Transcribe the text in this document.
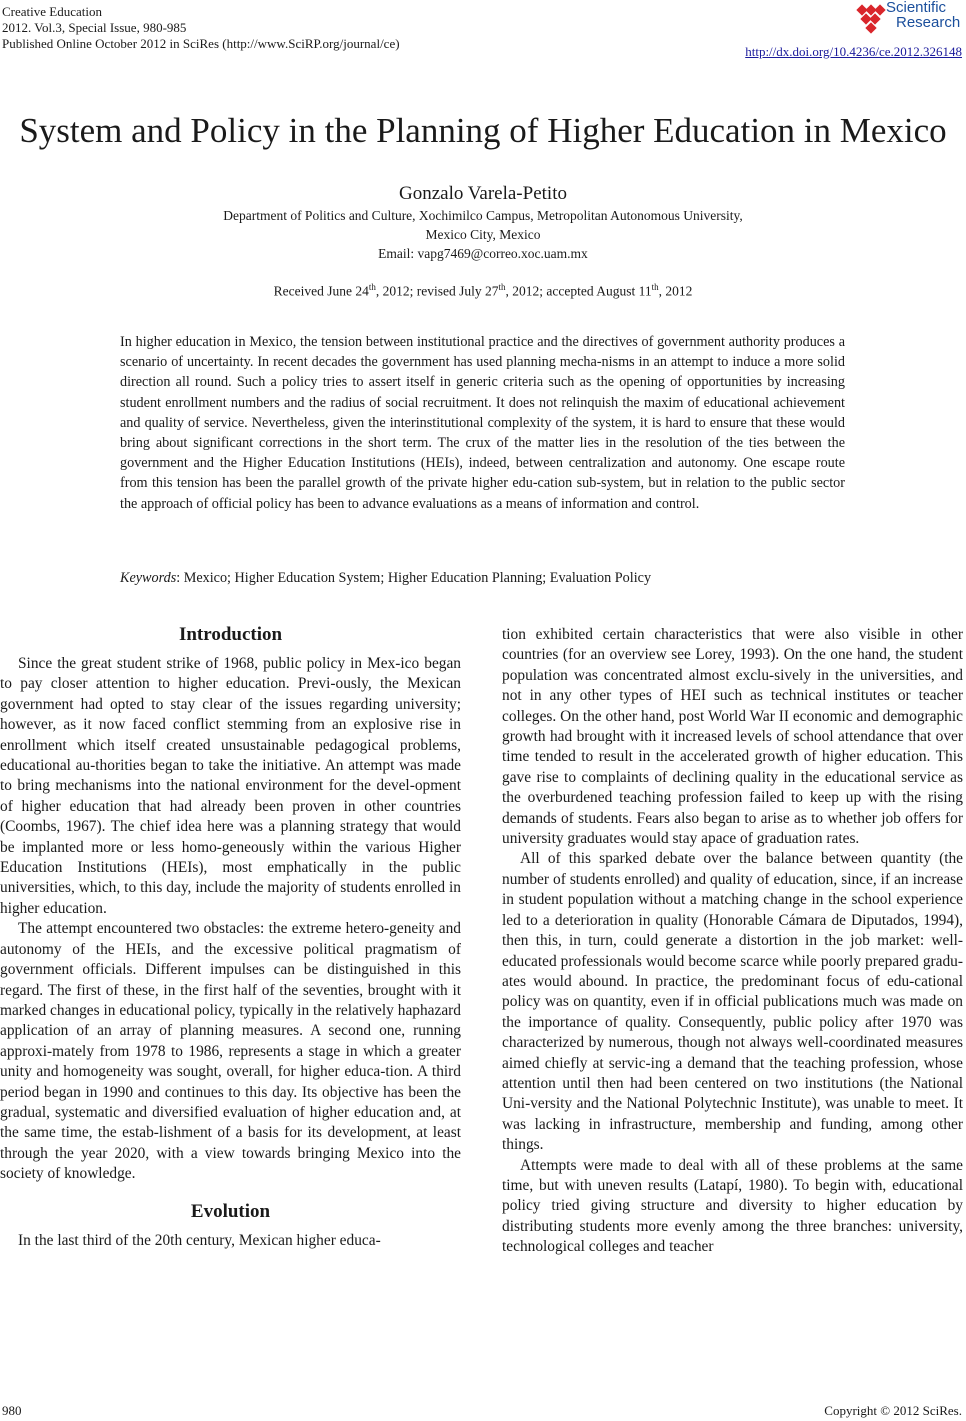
Creative Education
2012. Vol.3, Special Issue, 980-985
Published Online October 2012 in SciRes (http://www.SciRP.org/journal/ce)
Scientific
Research
http://dx.doi.org/10.4236/ce.2012.326148
System and Policy in the Planning of Higher Education in Mexico
Gonzalo Varela-Petito
Department of Politics and Culture, Xochimilco Campus, Metropolitan Autonomous University,
Mexico City, Mexico
Email: vapg7469@correo.xoc.uam.mx
Received June 24th, 2012; revised July 27th, 2012; accepted August 11th, 2012
In higher education in Mexico, the tension between institutional practice and the directives of government authority produces a scenario of uncertainty. In recent decades the government has used planning mecha-nisms in an attempt to induce a more solid direction all round. Such a policy tries to assert itself in generic criteria such as the opening of opportunities by increasing student enrollment numbers and the radius of social recruitment. It does not relinquish the maxim of educational achievement and quality of service. Nevertheless, given the interinstitutional complexity of the system, it is hard to ensure that these would bring about significant corrections in the short term. The crux of the matter lies in the resolution of the ties between the government and the Higher Education Institutions (HEIs), indeed, between centralization and autonomy. One escape route from this tension has been the parallel growth of the private higher edu-cation sub-system, but in relation to the public sector the approach of official policy has been to advance evaluations as a means of information and control.
Keywords: Mexico; Higher Education System; Higher Education Planning; Evaluation Policy
Introduction

Since the great student strike of 1968, public policy in Mex-ico began to pay closer attention to higher education. Previ-ously, the Mexican government had opted to stay clear of the issues regarding university; however, as it now faced conflict stemming from an explosive rise in enrollment which itself created unsustainable pedagogical problems, educational au-thorities began to take the initiative. An attempt was made to bring mechanisms into the national environment for the devel-opment of higher education that had already been proven in other countries (Coombs, 1967). The chief idea here was a planning strategy that would be implanted more or less homo-geneously within the various Higher Education Institutions (HEIs), most emphatically in the public universities, which, to this day, include the majority of students enrolled in higher education.

The attempt encountered two obstacles: the extreme hetero-geneity and autonomy of the HEIs, and the excessive political pragmatism of government officials. Different impulses can be distinguished in this regard. The first of these, in the first half of the seventies, brought with it marked changes in educational policy, typically in the relatively haphazard application of an array of planning measures. A second one, running approxi-mately from 1978 to 1986, represents a stage in which a greater unity and homogeneity was sought, overall, for higher educa-tion. A third period began in 1990 and continues to this day. Its objective has been the gradual, systematic and diversified evaluation of higher education and, at the same time, the estab-lishment of a basis for its development, at least through the year 2020, with a view towards bringing Mexico into the society of knowledge.

Evolution

In the last third of the 20th century, Mexican higher educa-

tion exhibited certain characteristics that were also visible in other countries (for an overview see Lorey, 1993). On the one hand, the student population was concentrated almost exclu-sively in the universities, and not in any other types of HEI such as technical institutes or teacher colleges. On the other hand, post World War II economic and demographic growth had brought with it increased levels of school attendance that over time tended to result in the accelerated growth of higher education. This gave rise to complaints of declining quality in the educational service as the overburdened teaching profession failed to keep up with the rising demands of students. Fears also began to arise as to whether job offers for university graduates would stay apace of graduation rates.

All of this sparked debate over the balance between quantity (the number of students enrolled) and quality of education, since, if an increase in student population without a matching change in the school experience led to a deterioration in quality (Honorable Cámara de Diputados, 1994), then this, in turn, could generate a distortion in the job market: well-educated professionals would become scarce while poorly prepared gradu-ates would abound. In practice, the predominant focus of edu-cational policy was on quantity, even if in official publications much was made on the importance of quality. Consequently, public policy after 1970 was characterized by numerous, though not always well-coordinated measures aimed chiefly at servic-ing a demand that the teaching profession, whose attention until then had been centered on two institutions (the National Uni-versity and the National Polytechnic Institute), was unable to meet. It was lacking in infrastructure, membership and funding, among other things.

Attempts were made to deal with all of these problems at the same time, but with uneven results (Latapí, 1980). To begin with, educational policy tried giving structure and diversity to higher education by distributing students more evenly among the three branches: university, technological colleges and teacher

980	Copyright © 2012 SciRes.
